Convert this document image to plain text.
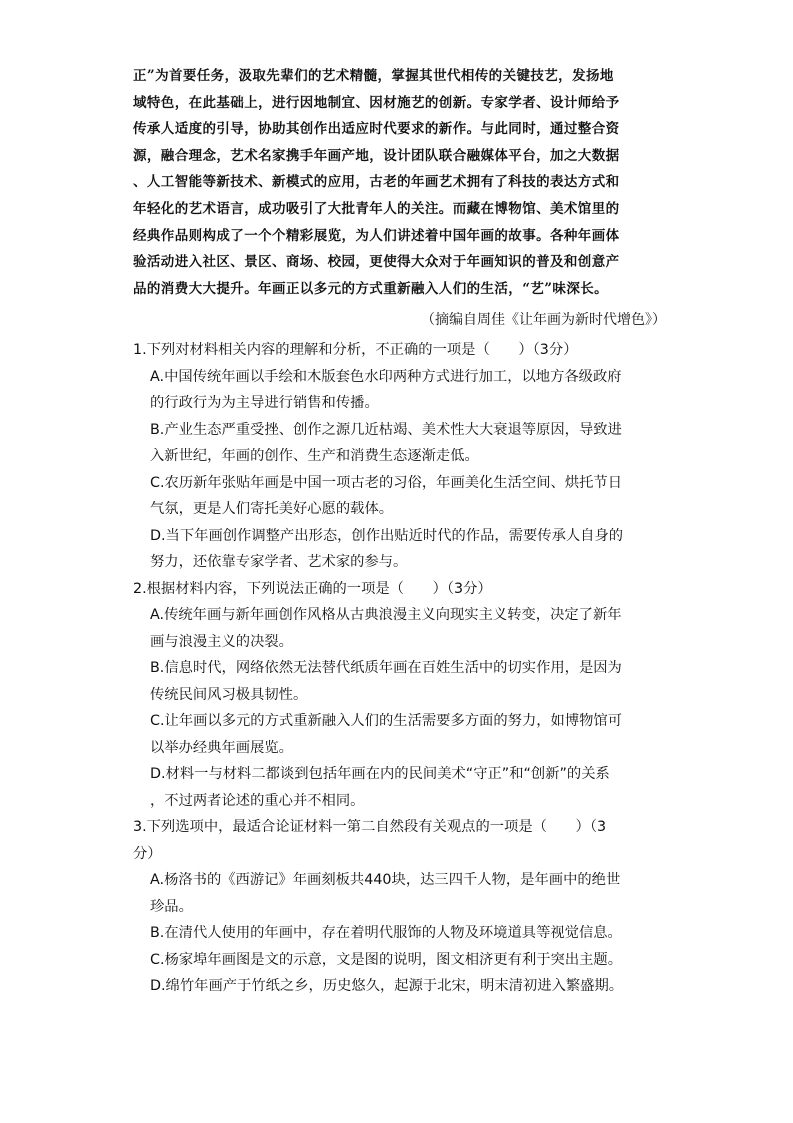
正”为首要任务，汲取先辈们的艺术精髓，掌握其世代相传的关键技艺，发扬地
域特色，在此基础上，进行因地制宜、因材施艺的创新。专家学者、设计师给予
传承人适度的引导，协助其创作出适应时代要求的新作。与此同时，通过整合资
源，融合理念，艺术名家携手年画产地，设计团队联合融媒体平台，加之大数据
、人工智能等新技术、新模式的应用，古老的年画艺术拥有了科技的表达方式和
年轻化的艺术语言，成功吸引了大批青年人的关注。而藏在博物馆、美术馆里的
经典作品则构成了一个个精彩展览，为人们讲述着中国年画的故事。各种年画体
验活动进入社区、景区、商场、校园，更使得大众对于年画知识的普及和创意产
品的消费大大提升。年画正以多元的方式重新融入人们的生活，“艺”味深长。
（摘编自周佳《让年画为新时代增色》）
1.下列对材料相关内容的理解和分析，不正确的一项是（　　）（3分）
A.中国传统年画以手绘和木版套色水印两种方式进行加工，以地方各级政府
的行政行为为主导进行销售和传播。
B.产业生态严重受挫、创作之源几近枯竭、美术性大大衰退等原因，导致进
入新世纪，年画的创作、生产和消费生态逐渐走低。
C.农历新年张贴年画是中国一项古老的习俗，年画美化生活空间、烘托节日
气氛，更是人们寄托美好心愿的载体。
D.当下年画创作调整产出形态，创作出贴近时代的作品，需要传承人自身的
努力，还依靠专家学者、艺术家的参与。
2.根据材料内容，下列说法正确的一项是（　　）（3分）
A.传统年画与新年画创作风格从古典浪漫主义向现实主义转变，决定了新年
画与浪漫主义的决裂。
B.信息时代，网络依然无法替代纸质年画在百姓生活中的切实作用，是因为
传统民间风习极具韧性。
C.让年画以多元的方式重新融入人们的生活需要多方面的努力，如博物馆可
以举办经典年画展览。
D.材料一与材料二都谈到包括年画在内的民间美术“守正”和“创新”的关系
，不过两者论述的重心并不相同。
3.下列选项中，最适合论证材料一第二自然段有关观点的一项是（　　）（3
分）
A.杨洛书的《西游记》年画刻板共440块，达三四千人物，是年画中的绝世
珍品。
B.在清代人使用的年画中，存在着明代服饰的人物及环境道具等视觉信息。
C.杨家埠年画图是文的示意，文是图的说明，图文相济更有利于突出主题。
D.绵竹年画产于竹纸之乡，历史悠久，起源于北宋，明末清初进入繁盛期。
